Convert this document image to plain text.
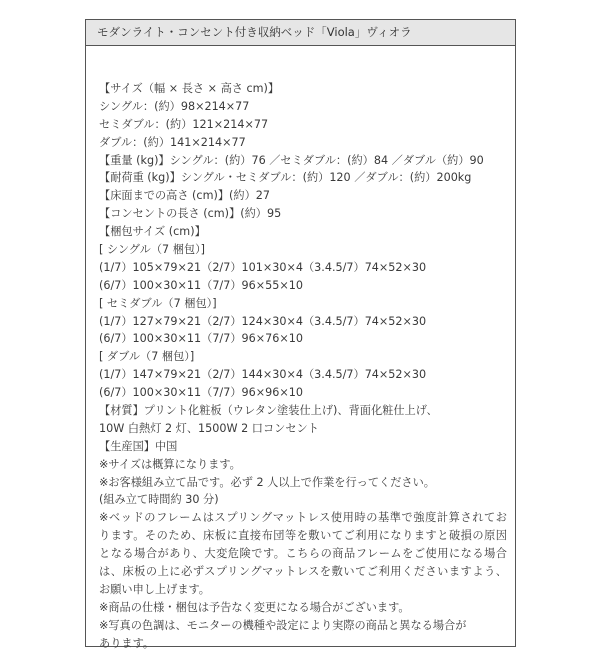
モダンライト・コンセント付き収納ベッド「Viola」ヴィオラ
【サイズ（幅 × 長さ × 高さ cm)】
シングル：(約）98×214×77
セミダブル：(約）121×214×77
ダブル：(約）141×214×77
【重量 (kg)】シングル：(約）76 ／セミダブル：(約）84 ／ダブル（約）90
【耐荷重 (kg)】シングル・セミダブル：(約）120 ／ダブル：(約）200kg
【床面までの高さ (cm)】(約）27
【コンセントの長さ (cm)】(約）95
【梱包サイズ (cm)】
[ シングル（7 梱包）]
(1/7）105×79×21（2/7）101×30×4（3.4.5/7）74×52×30
(6/7）100×30×11（7/7）96×55×10
[ セミダブル（7 梱包）]
(1/7）127×79×21（2/7）124×30×4（3.4.5/7）74×52×30
(6/7）100×30×11（7/7）96×76×10
[ ダブル（7 梱包）]
(1/7）147×79×21（2/7）144×30×4（3.4.5/7）74×52×30
(6/7）100×30×11（7/7）96×96×10
【材質】プリント化粧板（ウレタン塗装仕上げ)、背面化粧仕上げ、
10W 白熱灯 2 灯、1500W 2 口コンセント
【生産国】中国
※サイズは概算になります。
※お客様組み立て品です。必ず 2 人以上で作業を行ってください。
(組み立て時間約 30 分)
※ベッドのフレームはスプリングマットレス使用時の基準で強度計算されてお
ります。そのため、床板に直接布団等を敷いてご利用になりますと破損の原因
となる場合があり、大変危険です。こちらの商品フレームをご使用になる場合
は、床板の上に必ずスプリングマットレスを敷いてご利用くださいますよう、
お願い申し上げます。
※商品の仕様・梱包は予告なく変更になる場合がございます。
※写真の色調は、モニターの機種や設定により実際の商品と異なる場合が
あります。
